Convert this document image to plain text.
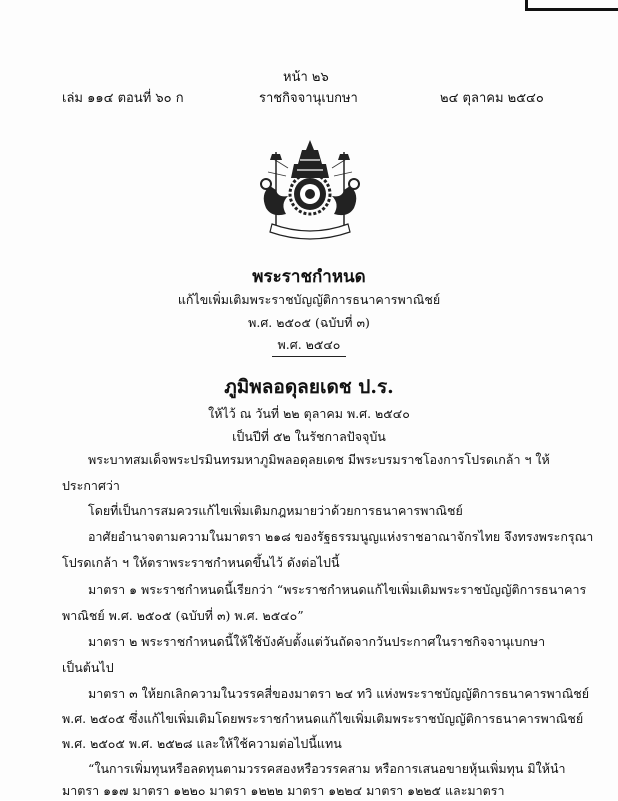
หน้า ๒๖
เล่ม ๑๑๔ ตอนที่ ๖๐ ก	ราชกิจจานุเบกษา	๒๔ ตุลาคม ๒๕๔๐
พระราชกำหนด
แก้ไขเพิ่มเติมพระราชบัญญัติการธนาคารพาณิชย์
พ.ศ. ๒๕๐๕ (ฉบับที่ ๓)
พ.ศ. ๒๕๔๐
ภูมิพลอดุลยเดช ป.ร.
ให้ไว้ ณ วันที่ ๒๒ ตุลาคม พ.ศ. ๒๕๔๐
เป็นปีที่ ๕๒ ในรัชกาลปัจจุบัน
พระบาทสมเด็จพระปรมินทรมหาภูมิพลอดุลยเดช มีพระบรมราชโองการโปรดเกล้า ฯ ให้
ประกาศว่า
โดยที่เป็นการสมควรแก้ไขเพิ่มเติมกฎหมายว่าด้วยการธนาคารพาณิชย์
อาศัยอำนาจตามความในมาตรา ๒๑๘ ของรัฐธรรมนูญแห่งราชอาณาจักรไทย จึงทรงพระกรุณา
โปรดเกล้า ฯ ให้ตราพระราชกำหนดขึ้นไว้ ดังต่อไปนี้
มาตรา ๑ พระราชกำหนดนี้เรียกว่า “พระราชกำหนดแก้ไขเพิ่มเติมพระราชบัญญัติการธนาคาร
พาณิชย์ พ.ศ. ๒๕๐๕ (ฉบับที่ ๓) พ.ศ. ๒๕๔๐”
มาตรา ๒ พระราชกำหนดนี้ให้ใช้บังคับตั้งแต่วันถัดจากวันประกาศในราชกิจจานุเบกษา
เป็นต้นไป
มาตรา ๓ ให้ยกเลิกความในวรรคสี่ของมาตรา ๒๔ ทวิ แห่งพระราชบัญญัติการธนาคารพาณิชย์
พ.ศ. ๒๕๐๕ ซึ่งแก้ไขเพิ่มเติมโดยพระราชกำหนดแก้ไขเพิ่มเติมพระราชบัญญัติการธนาคารพาณิชย์
พ.ศ. ๒๕๐๕ พ.ศ. ๒๕๒๘ และให้ใช้ความต่อไปนี้แทน
“ในการเพิ่มทุนหรือลดทุนตามวรรคสองหรือวรรคสาม หรือการเสนอขายหุ้นเพิ่มทุน มิให้นำ
มาตรา ๑๑๗ มาตรา ๑๒๒๐ มาตรา ๑๒๒๒ มาตรา ๑๒๒๔ มาตรา ๑๒๒๕ และมาตรา
